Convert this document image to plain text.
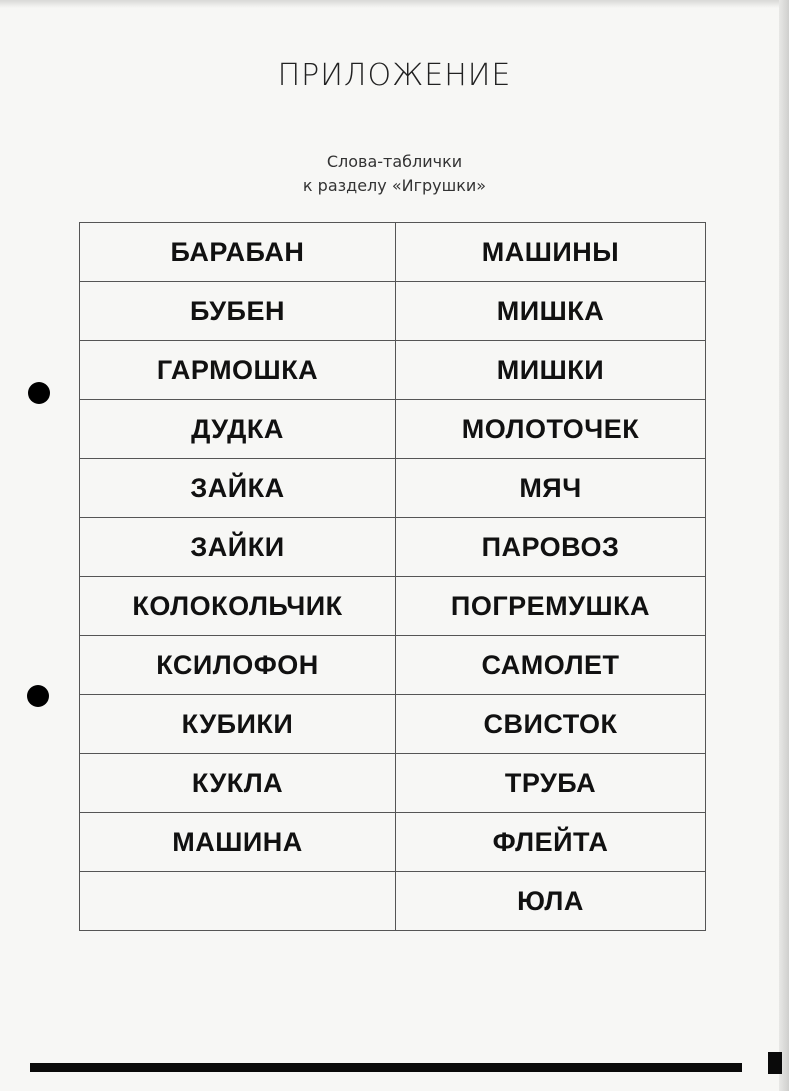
ПРИЛОЖЕНИЕ
Слова-таблички
к разделу «Игрушки»
БАРАБАН	МАШИНЫ
БУБЕН	МИШКА
ГАРМОШКА	МИШКИ
ДУДКА	МОЛОТОЧЕК
ЗАЙКА	МЯЧ
ЗАЙКИ	ПАРОВОЗ
КОЛОКОЛЬЧИК	ПОГРЕМУШКА
КСИЛОФОН	САМОЛЕТ
КУБИКИ	СВИСТОК
КУКЛА	ТРУБА
МАШИНА	ФЛЕЙТА
	ЮЛА
